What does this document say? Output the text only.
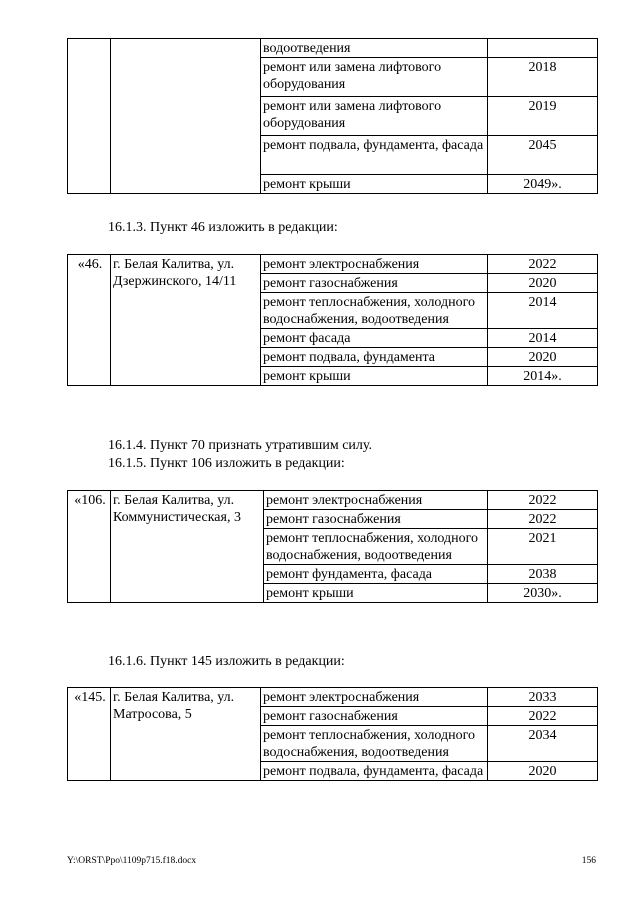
		водоотведения	
		ремонт или замена лифтового оборудования	2018
		ремонт или замена лифтового оборудования	2019
		ремонт подвала, фундамента, фасада	2045
		ремонт крыши	2049».
16.1.3. Пункт 46 изложить в редакции:
«46.	г. Белая Калитва, ул. Дзержинского, 14/11	ремонт электроснабжения	2022
		ремонт газоснабжения	2020
		ремонт теплоснабжения, холодного водоснабжения, водоотведения	2014
		ремонт фасада	2014
		ремонт подвала, фундамента	2020
		ремонт крыши	2014».
16.1.4. Пункт 70 признать утратившим силу.
16.1.5. Пункт 106 изложить в редакции:
«106.	г. Белая Калитва, ул. Коммунистическая, 3	ремонт электроснабжения	2022
		ремонт газоснабжения	2022
		ремонт теплоснабжения, холодного водоснабжения, водоотведения	2021
		ремонт фундамента, фасада	2038
		ремонт крыши	2030».
16.1.6. Пункт 145 изложить в редакции:
«145.	г. Белая Калитва, ул. Матросова, 5	ремонт электроснабжения	2033
		ремонт газоснабжения	2022
		ремонт теплоснабжения, холодного водоснабжения, водоотведения	2034
		ремонт подвала, фундамента, фасада	2020
Y:\ORST\Ppo\1109p715.f18.docx	156
